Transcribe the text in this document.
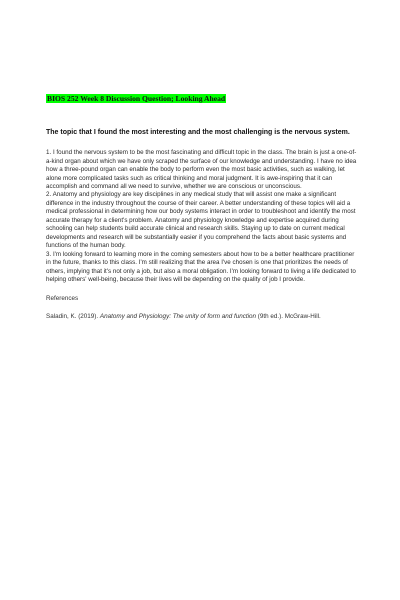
BIOS 252 Week 8 Discussion Question; Looking Ahead
The topic that I found the most interesting and the most challenging is the nervous system.

1. I found the nervous system to be the most fascinating and difficult topic in the class. The brain is just a one-of-a-kind organ about which we have only scraped the surface of our knowledge and understanding. I have no idea how a three-pound organ can enable the body to perform even the most basic activities, such as walking, let alone more complicated tasks such as critical thinking and moral judgment. It is awe-inspiring that it can accomplish and command all we need to survive, whether we are conscious or unconscious.

2. Anatomy and physiology are key disciplines in any medical study that will assist one make a significant difference in the industry throughout the course of their career. A better understanding of these topics will aid a medical professional in determining how our body systems interact in order to troubleshoot and identify the most accurate therapy for a client's problem. Anatomy and physiology knowledge and expertise acquired during schooling can help students build accurate clinical and research skills. Staying up to date on current medical developments and research will be substantially easier if you comprehend the facts about basic systems and functions of the human body.

3. I'm looking forward to learning more in the coming semesters about how to be a better healthcare practitioner in the future, thanks to this class. I'm still realizing that the area I've chosen is one that prioritizes the needs of others, implying that it's not only a job, but also a moral obligation. I'm looking forward to living a life dedicated to helping others' well-being, because their lives will be depending on the quality of job I provide.

References

Saladin, K. (2019). Anatomy and Physiology: The unity of form and function (9th ed.). McGraw-Hill.
